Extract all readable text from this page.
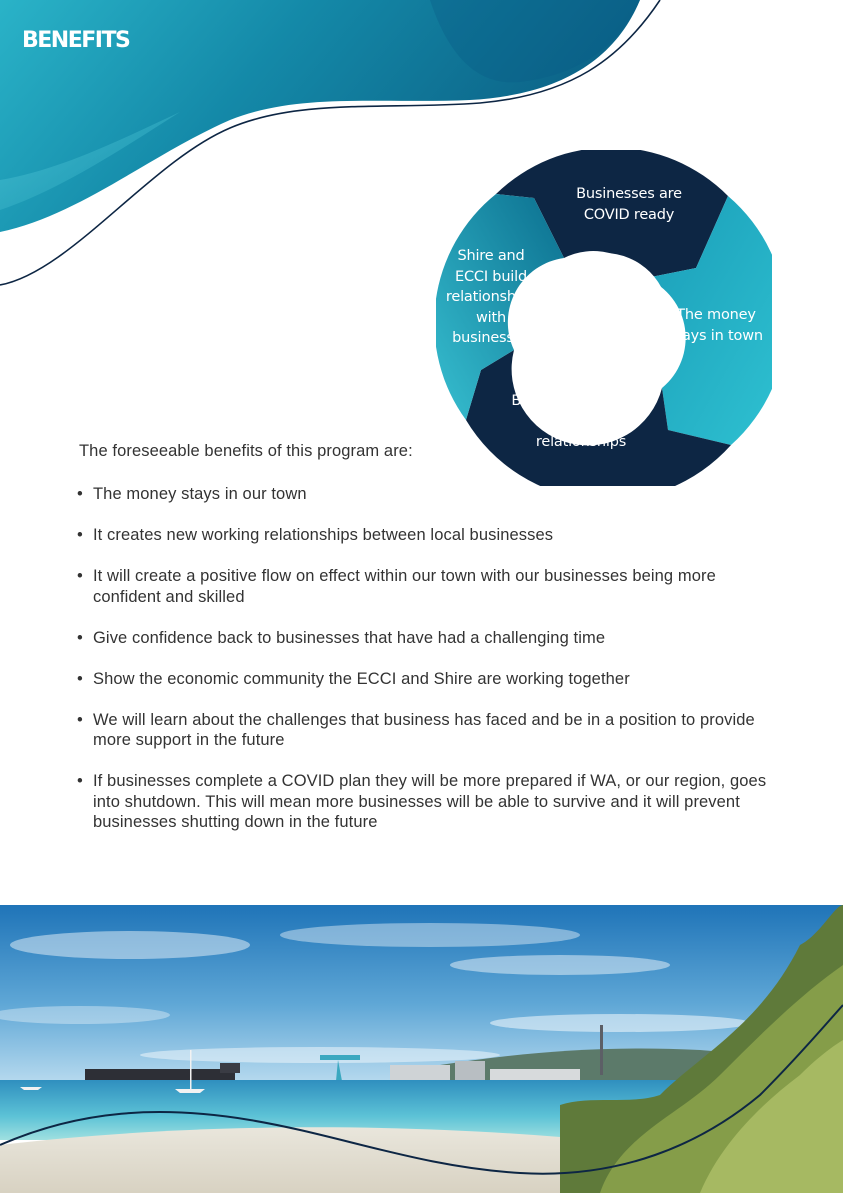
BENEFITS
Businesses are COVID ready
The money stays in town
Businesses connect and build relationships
Shire and ECCI build relationships with businesses

The foreseeable benefits of this program are:

• The money stays in our town
• It creates new working relationships between local businesses
• It will create a positive flow on effect within our town with our businesses being more confident and skilled
• Give confidence back to businesses that have had a challenging time
• Show the economic community the ECCI and Shire are working together
• We will learn about the challenges that business has faced and be in a position to provide more support in the future
• If businesses complete a COVID plan they will be more prepared if WA, or our region, goes into shutdown. This will mean more businesses will be able to survive and it will prevent businesses shutting down in the future
